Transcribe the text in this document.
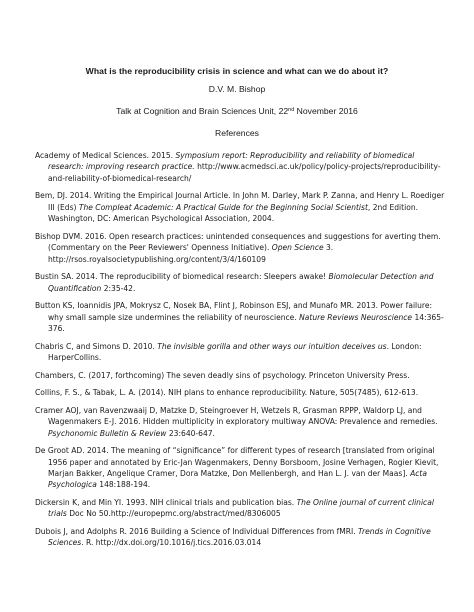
What is the reproducibility crisis in science and what can we do about it?
D.V. M. Bishop
Talk at Cognition and Brain Sciences Unit, 22nd November 2016
References

Academy of Medical Sciences. 2015. Symposium report: Reproducibility and reliability of biomedical research: improving research practice. http://www.acmedsci.ac.uk/policy/policy-projects/reproducibility-and-reliability-of-biomedical-research/

Bem, DJ. 2014. Writing the Empirical Journal Article. In John M. Darley, Mark P. Zanna, and Henry L. Roediger III (Eds) The Compleat Academic: A Practical Guide for the Beginning Social Scientist, 2nd Edition. Washington, DC: American Psychological Association, 2004.

Bishop DVM. 2016. Open research practices: unintended consequences and suggestions for averting them. (Commentary on the Peer Reviewers' Openness Initiative). Open Science 3. http://rsos.royalsocietypublishing.org/content/3/4/160109

Bustin SA. 2014. The reproducibility of biomedical research: Sleepers awake! Biomolecular Detection and Quantification 2:35-42.

Button KS, Ioannidis JPA, Mokrysz C, Nosek BA, Flint J, Robinson ESJ, and Munafo MR. 2013. Power failure: why small sample size undermines the reliability of neuroscience. Nature Reviews Neuroscience 14:365-376.

Chabris C, and Simons D. 2010. The invisible gorilla and other ways our intuition deceives us. London: HarperCollins.

Chambers, C. (2017, forthcoming) The seven deadly sins of psychology. Princeton University Press.

Collins, F. S., & Tabak, L. A. (2014). NIH plans to enhance reproducibility. Nature, 505(7485), 612-613.

Cramer AOJ, van Ravenzwaaij D, Matzke D, Steingroever H, Wetzels R, Grasman RPPP, Waldorp LJ, and Wagenmakers E-J. 2016. Hidden multiplicity in exploratory multiway ANOVA: Prevalence and remedies. Psychonomic Bulletin & Review 23:640-647.

De Groot AD. 2014. The meaning of “significance” for different types of research [translated from original 1956 paper and annotated by Eric-Jan Wagenmakers, Denny Borsboom, Josine Verhagen, Rogier Kievit, Marjan Bakker, Angelique Cramer, Dora Matzke, Don Mellenbergh, and Han L. J. van der Maas]. Acta Psychologica 148:188-194.

Dickersin K, and Min YI. 1993. NIH clinical trials and publication bias. The Online journal of current clinical trials Doc No 50.http://europepmc.org/abstract/med/8306005

Dubois J, and Adolphs R. 2016 Building a Science of Individual Differences from fMRI. Trends in Cognitive Sciences. R. http://dx.doi.org/10.1016/j.tics.2016.03.014
